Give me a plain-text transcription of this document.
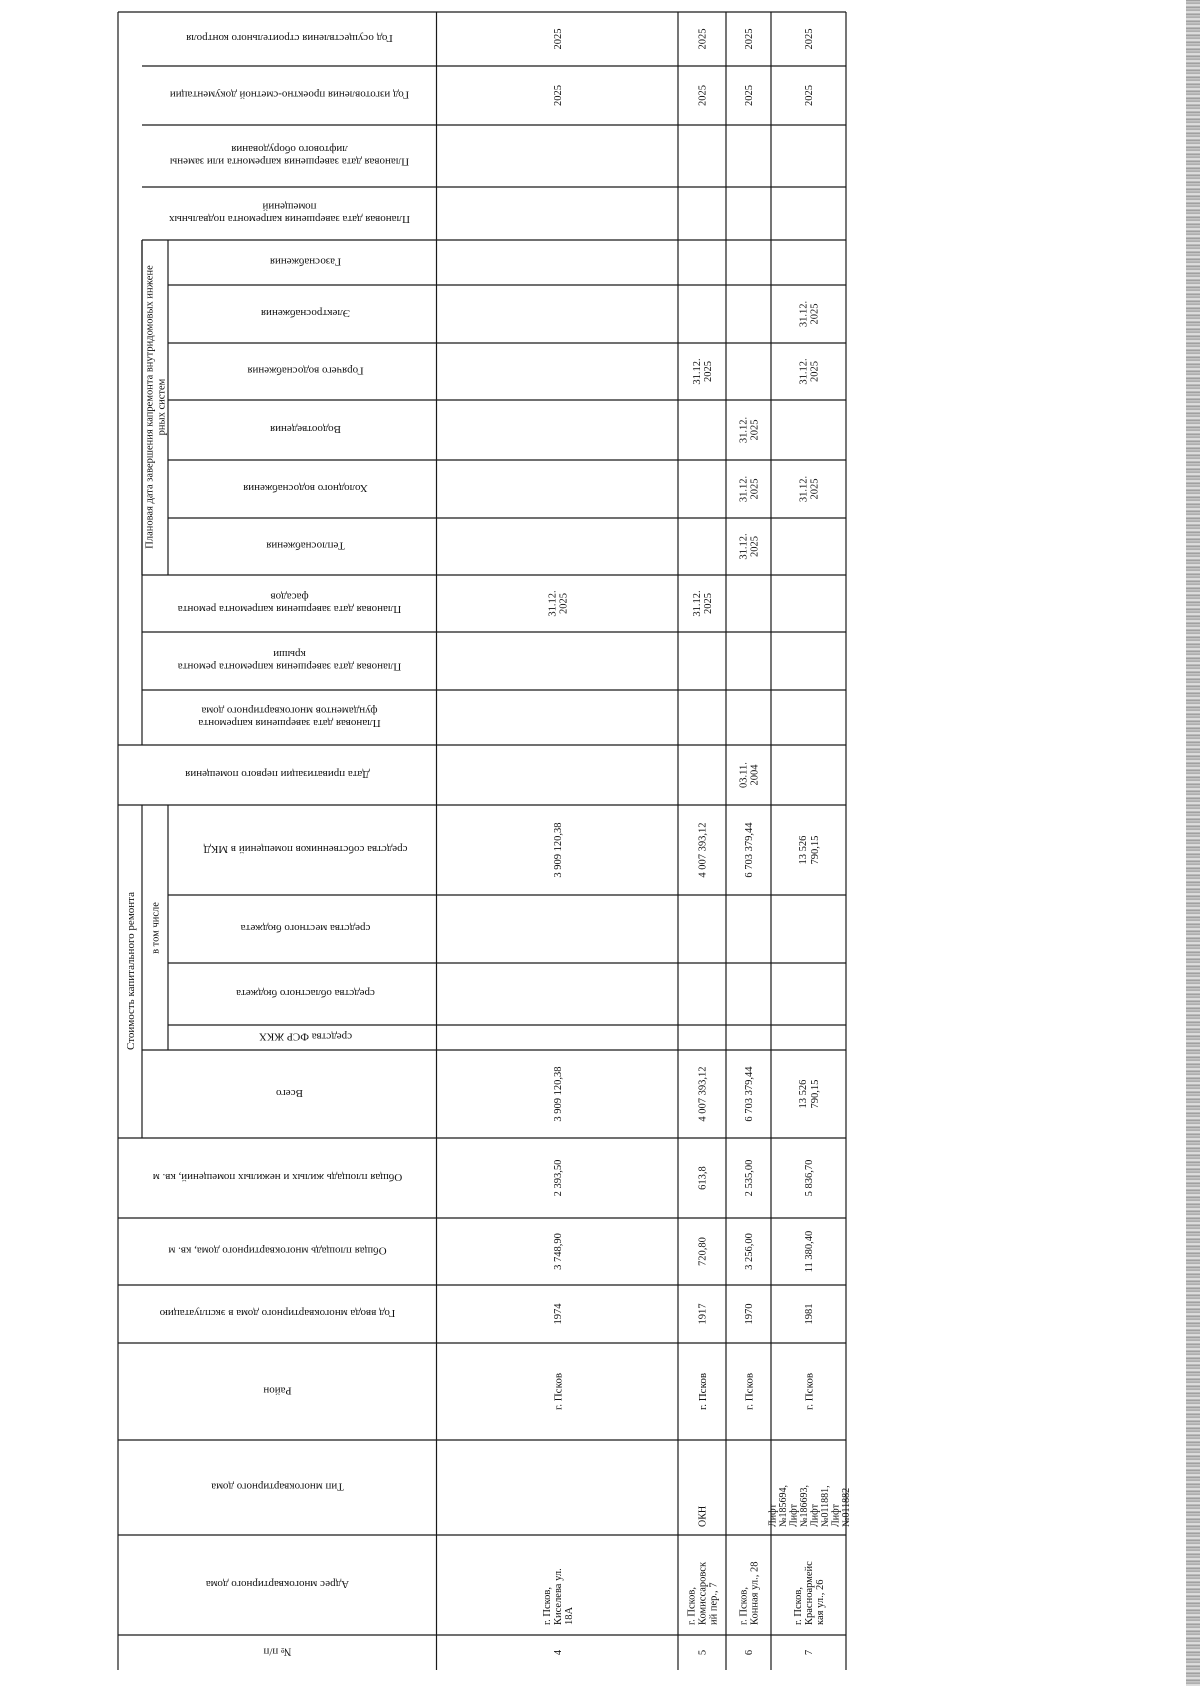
Плановая дата завершения капремонта внутридомовых инженерных систем
Стоимость капитального ремонта в том числе
Год осуществления строительного контроля
Год изготовления проектно-сметной документации
Плановая дата завершения капремонта или заменылифтового оборудования
Плановая дата завершения капремонта подвальныхпомещений
Газоснабжения
Электроснабжения
Горячего водоснабжения
Водоотведения
Холодного водоснабжения
Теплоснабжения
Плановая дата завершения капремонта ремонтафасадов
Плановая дата завершения капремонта ремонтакрыши
Плановая дата завершения капремонтафундаментов многоквартирного дома
Дата приватизации первого помещения
средства собственников помещений в МКД
средства местного бюджета
средства областного бюджета
средства ФСР ЖКХ
Всего
Общая площадь жилых и нежилых помещений, кв. м
Общая площадь многоквартирного дома, кв. м
Год ввода многоквартирного дома в эксплуатацию
Район
Тип многоквартирного дома
Адрес многоквартирного дома
№ п/п
2025
2025
31.12.2025
3 909 120,38
3 909 120,38
2 393,50
3 748,90
1974
г. Псков
г. Псков,Киселева ул.18А
4
2025
2025
31.12.2025
31.12.2025
4 007 393,12
4 007 393,12
613,8
720,80
1917
г. Псков
ОКН
г. Псков,Комиссаровский пер., 7
5
2025
2025
31.12.2025
31.12.2025
31.12.2025
03.11.2004
6 703 379,44
6 703 379,44
2 535,00
3 256,00
1970
г. Псков
г. Псков,Конная ул., 28
6
2025
2025
31.12.2025
31.12.2025
31.12.2025
13 526790,15
13 526790,15
5 836,70
11 380,40
1981
г. Псков
Лифт№185694,Лифт№186693,Лифт№011881,Лифт№011882
г. Псков,Красноармейская ул., 26
7
